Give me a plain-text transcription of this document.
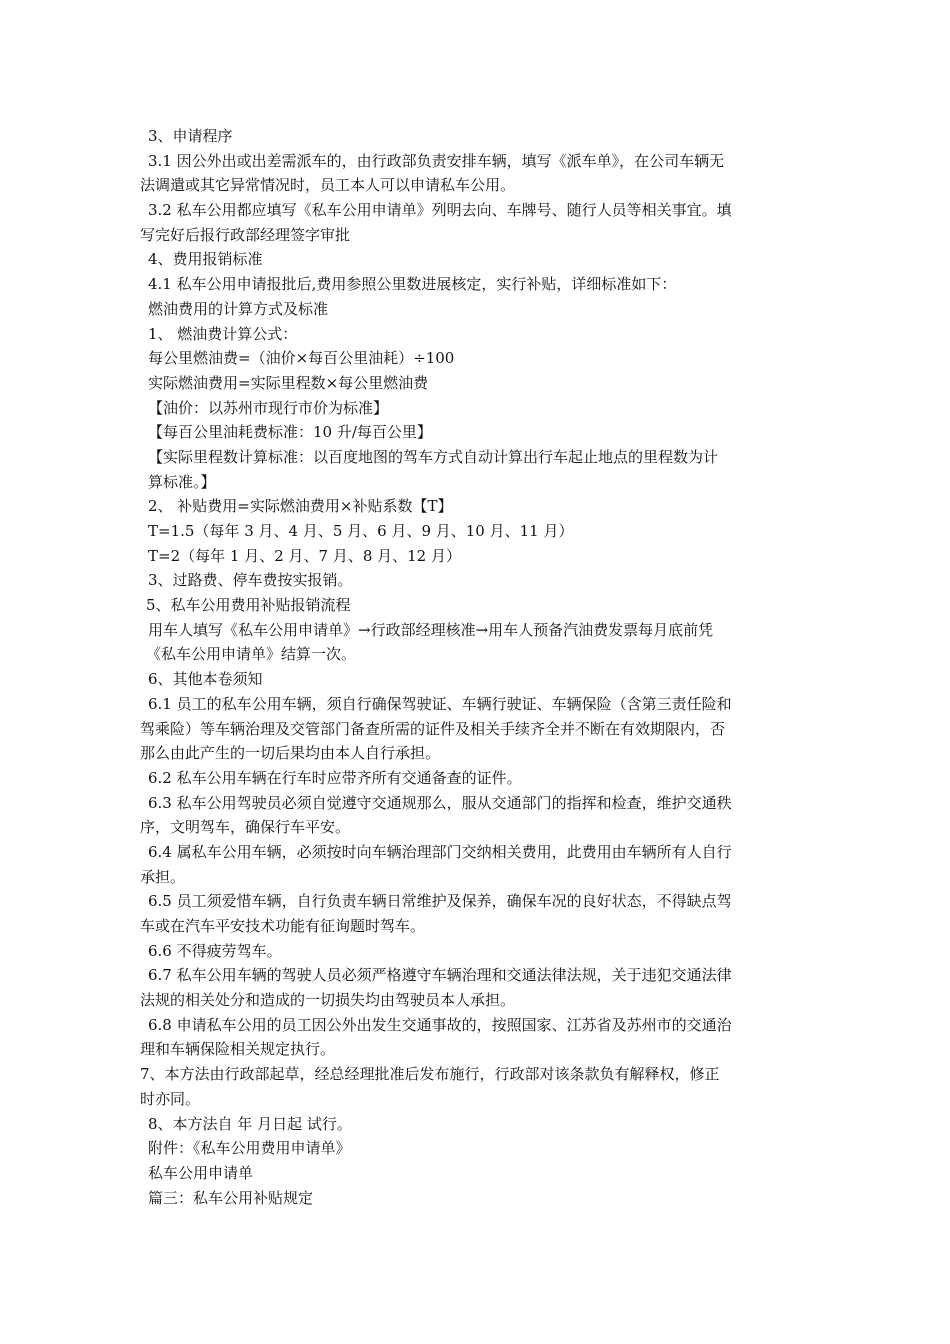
3、申请程序
3.1 因公外出或出差需派车的，由行政部负责安排车辆，填写《派车单》，在公司车辆无
法调遣或其它异常情况时，员工本人可以申请私车公用。
3.2 私车公用都应填写《私车公用申请单》列明去向、车牌号、随行人员等相关事宜。填
写完好后报行政部经理签字审批
4、费用报销标准
4.1 私车公用申请报批后,费用参照公里数进展核定，实行补贴，详细标准如下：
燃油费用的计算方式及标准
1、 燃油费计算公式：
每公里燃油费=（油价×每百公里油耗）÷100
实际燃油费用=实际里程数×每公里燃油费
【油价：以苏州市现行市价为标准】
【每百公里油耗费标准：10 升/每百公里】
【实际里程数计算标准：以百度地图的驾车方式自动计算出行车起止地点的里程数为计
算标准。】
2、 补贴费用=实际燃油费用×补贴系数【T】
T=1.5（每年 3 月、4 月、5 月、6 月、9 月、10 月、11 月）
T=2（每年 1 月、2 月、7 月、8 月、12 月）
3、过路费、停车费按实报销。
5、私车公用费用补贴报销流程
用车人填写《私车公用申请单》→行政部经理核准→用车人预备汽油费发票每月底前凭
《私车公用申请单》结算一次。
6、其他本卷须知
6.1 员工的私车公用车辆，须自行确保驾驶证、车辆行驶证、车辆保险（含第三责任险和
驾乘险）等车辆治理及交管部门备查所需的证件及相关手续齐全并不断在有效期限内，否
那么由此产生的一切后果均由本人自行承担。
6.2 私车公用车辆在行车时应带齐所有交通备查的证件。
6.3 私车公用驾驶员必须自觉遵守交通规那么，服从交通部门的指挥和检查，维护交通秩
序，文明驾车，确保行车平安。
6.4 属私车公用车辆，必须按时向车辆治理部门交纳相关费用，此费用由车辆所有人自行
承担。
6.5 员工须爱惜车辆，自行负责车辆日常维护及保养，确保车况的良好状态，不得缺点驾
车或在汽车平安技术功能有征询题时驾车。
6.6 不得疲劳驾车。
6.7 私车公用车辆的驾驶人员必须严格遵守车辆治理和交通法律法规，关于违犯交通法律
法规的相关处分和造成的一切损失均由驾驶员本人承担。
6.8 申请私车公用的员工因公外出发生交通事故的，按照国家、江苏省及苏州市的交通治
理和车辆保险相关规定执行。
7、本方法由行政部起草，经总经理批准后发布施行，行政部对该条款负有解释权，修正
时亦同。
8、本方法自 年 月日起 试行。
附件：《私车公用费用申请单》
私车公用申请单
篇三：私车公用补贴规定
